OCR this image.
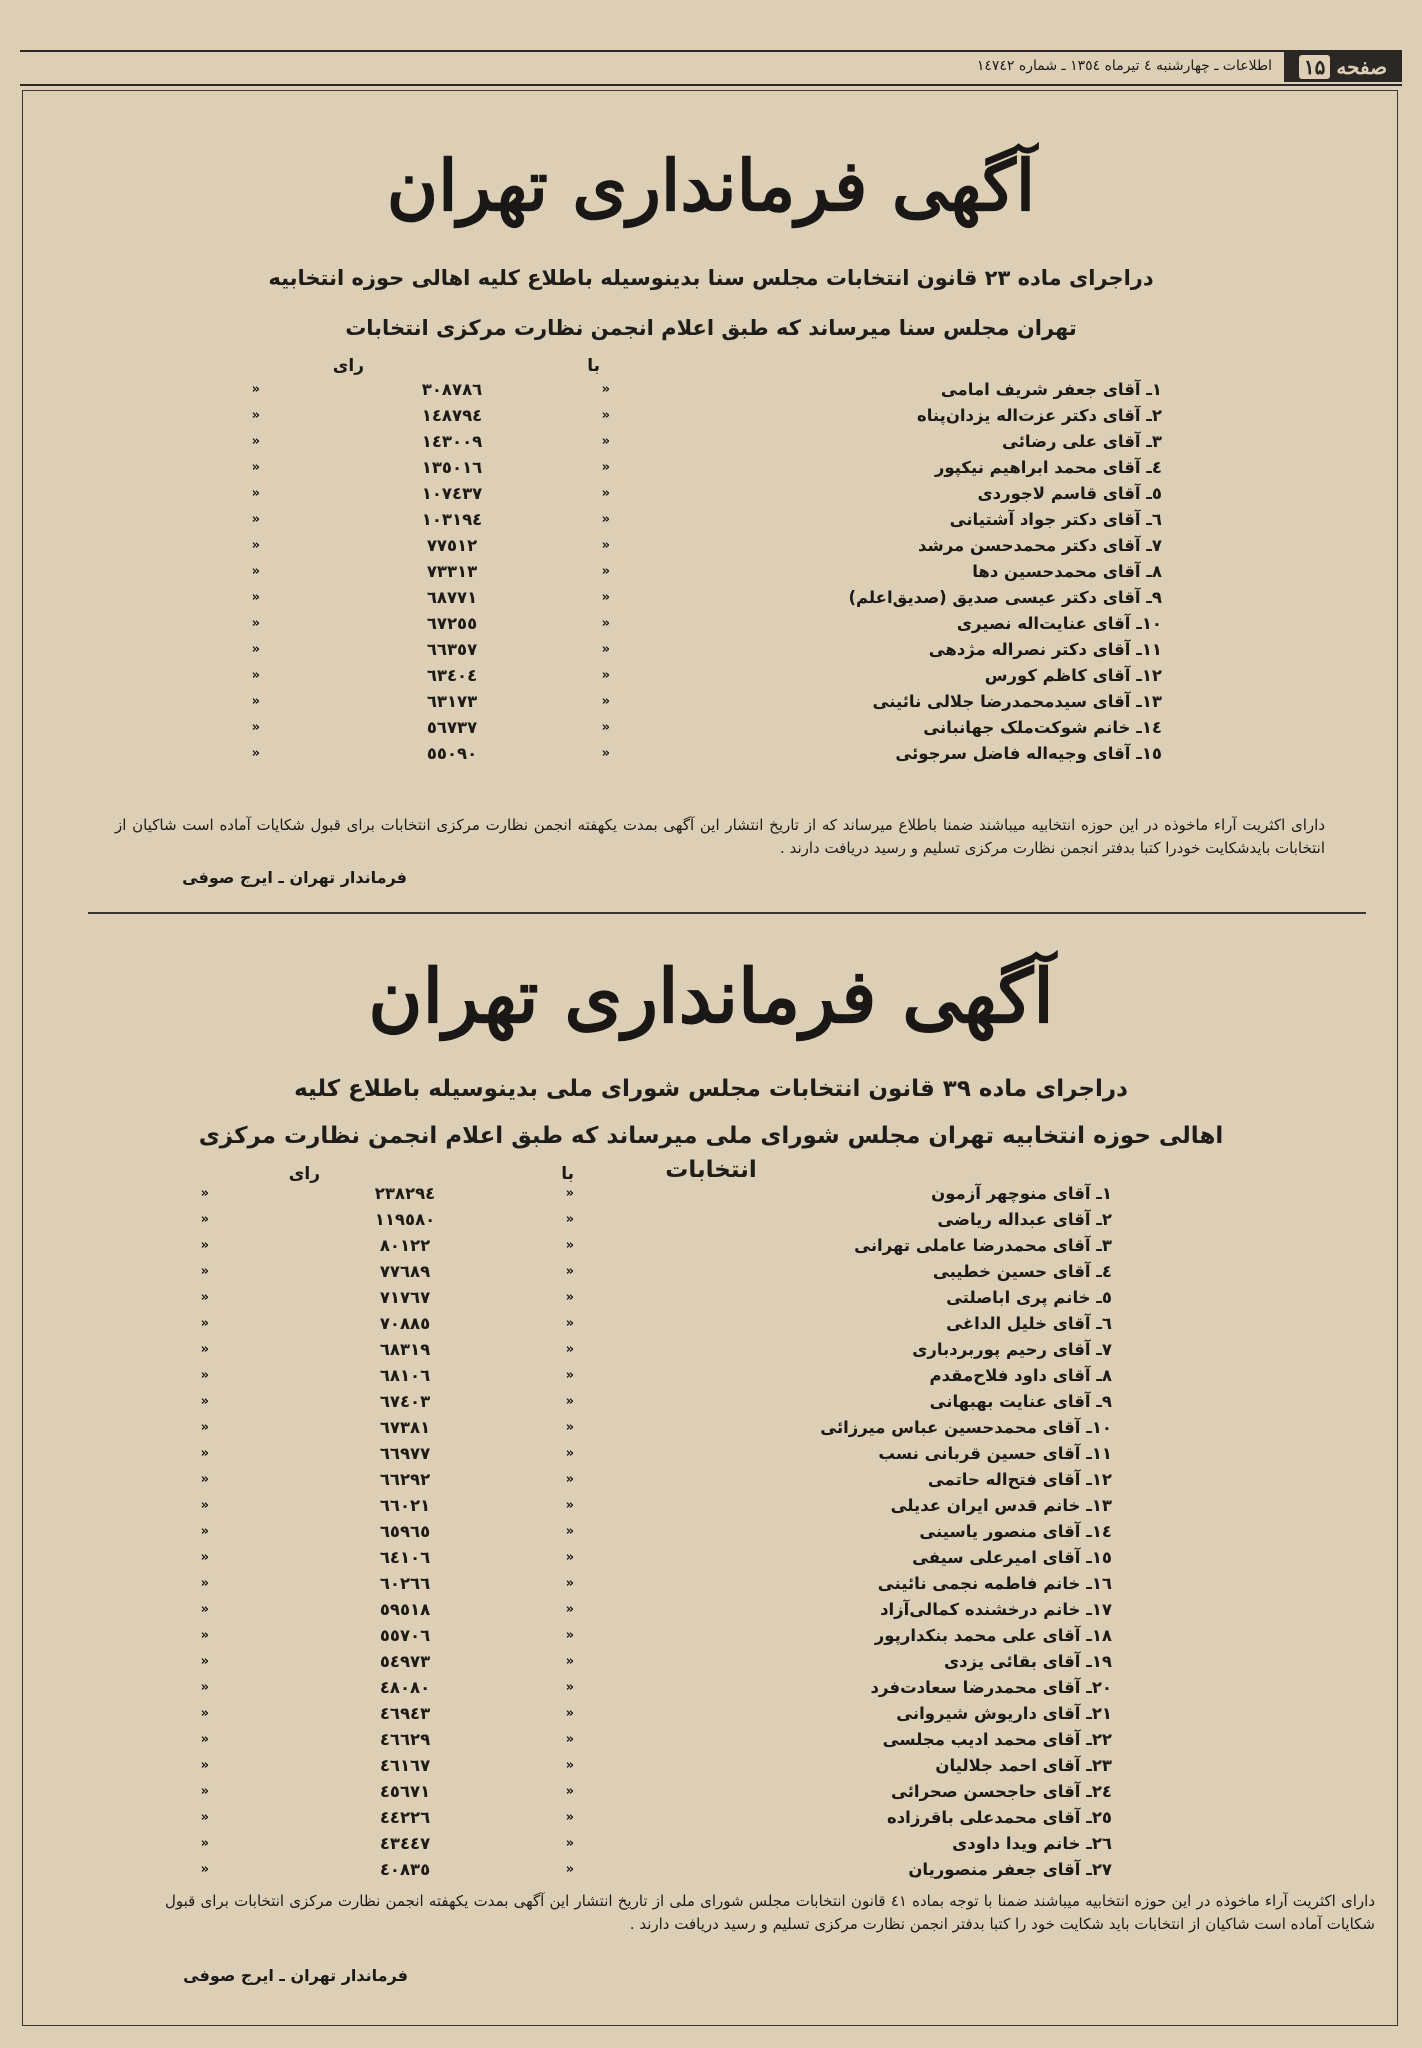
صفحه
۱۵
اطلاعات ـ چهارشنبه ٤ تیرماه ۱۳٥٤ ـ شماره ۱٤۷٤۲
آگهی فرمانداری تهران
دراجرای ماده ۲۳ قانون انتخابات مجلس سنا بدینوسیله باطلاع کلیه اهالی حوزه انتخابیه
تهران مجلس سنا میرساند که طبق اعلام انجمن نظارت مرکزی انتخابات
با
رای
۱ـ آقای جعفر شریف امامی
«
۳۰۸۷۸٦
«
۲ـ آقای دکتر عزت‌اله یزدان‌پناه
«
۱٤۸۷۹٤
«
۳ـ آقای علی رضائی
«
۱٤۳۰۰۹
«
٤ـ آقای محمد ابراهیم نیکپور
«
۱۳٥۰۱٦
«
٥ـ آقای قاسم لاجوردی
«
۱۰۷٤۳۷
«
٦ـ آقای دکتر جواد آشتیانی
«
۱۰۳۱۹٤
«
۷ـ آقای دکتر محمدحسن مرشد
«
۷۷٥۱۲
«
۸ـ آقای محمدحسین دها
«
۷۳۳۱۳
«
۹ـ آقای دکتر عیسی صدیق (صدیق‌اعلم)
«
٦۸۷۷۱
«
۱۰ـ آقای عنایت‌اله نصیری
«
٦۷۲٥٥
«
۱۱ـ آقای دکتر نصراله مژدهی
«
٦٦۳٥۷
«
۱۲ـ آقای کاظم کورس
«
٦۳٤۰٤
«
۱۳ـ آقای سیدمحمدرضا جلالی نائینی
«
٦۳۱۷۳
«
۱٤ـ خانم شوکت‌ملک جهانبانی
«
٥٦۷۳۷
«
۱٥ـ آقای وجیه‌اله فاضل سرجوئی
«
٥٥۰۹۰
«
دارای اکثریت آراء ماخوذه در این حوزه انتخابیه میباشند ضمنا باطلاع میرساند که از تاریخ انتشار این آگهی بمدت یکهفته انجمن نظارت مرکزی انتخابات برای قبول شکایات آماده است شاکیان از انتخابات بایدشکایت خودرا کتبا بدفتر انجمن نظارت مرکزی تسلیم و رسید دریافت دارند .
فرماندار تهران ـ ایرج صوفی
آگهی فرمانداری تهران
دراجرای ماده ۳۹ قانون انتخابات مجلس شورای ملی بدینوسیله باطلاع کلیه
اهالی حوزه انتخابیه تهران مجلس شورای ملی میرساند که طبق اعلام انجمن نظارت مرکزی انتخابات
با
رای
۱ـ آقای منوچهر آزمون
«
۲۳۸۲۹٤
«
۲ـ آقای عبداله ریاضی
«
۱۱۹٥۸۰
«
۳ـ آقای محمدرضا عاملی تهرانی
«
۸۰۱۲۲
«
٤ـ آقای حسین خطیبی
«
۷۷٦۸۹
«
٥ـ خانم پری اباصلتی
«
۷۱۷٦۷
«
٦ـ آقای خلیل الداغی
«
۷۰۸۸٥
«
۷ـ آقای رحیم پوربردباری
«
٦۸۳۱۹
«
۸ـ آقای داود فلاح‌مقدم
«
٦۸۱۰٦
«
۹ـ آقای عنایت بهبهانی
«
٦۷٤۰۳
«
۱۰ـ آقای محمدحسین عباس میرزائی
«
٦۷۳۸۱
«
۱۱ـ آقای حسین قربانی نسب
«
٦٦۹۷۷
«
۱۲ـ آقای فتح‌اله حاتمی
«
٦٦۲۹۲
«
۱۳ـ خانم قدس ایران عدیلی
«
٦٦۰۲۱
«
۱٤ـ آقای منصور یاسینی
«
٦٥۹٦٥
«
۱٥ـ آقای امیرعلی سیفی
«
٦٤۱۰٦
«
۱٦ـ خانم فاطمه نجمی نائینی
«
٦۰۲٦٦
«
۱۷ـ خانم درخشنده کمالی‌آزاد
«
٥۹٥۱۸
«
۱۸ـ آقای علی محمد بنکدارپور
«
٥٥۷۰٦
«
۱۹ـ آقای بقائی یزدی
«
٥٤۹۷۳
«
۲۰ـ آقای محمدرضا سعادت‌فرد
«
٤۸۰۸۰
«
۲۱ـ آقای داریوش شیروانی
«
٤٦۹٤۳
«
۲۲ـ آقای محمد ادیب مجلسی
«
٤٦٦۲۹
«
۲۳ـ آقای احمد جلالیان
«
٤٦۱٦۷
«
۲٤ـ آقای حاجحسن صحرائی
«
٤٥٦۷۱
«
۲٥ـ آقای محمدعلی باقرزاده
«
٤٤۲۲٦
«
۲٦ـ خانم ویدا داودی
«
٤۳٤٤۷
«
۲۷ـ آقای جعفر منصوریان
«
٤۰۸۳٥
«
دارای اکثریت آراء ماخوذه در این حوزه انتخابیه میباشند ضمنا با توجه بماده ٤۱ قانون انتخابات مجلس شورای ملی از تاریخ انتشار این آگهی بمدت یکهفته انجمن نظارت مرکزی انتخابات برای قبول شکایات آماده است شاکیان از انتخابات باید شکایت خود را کتبا بدفتر انجمن نظارت مرکزی تسلیم و رسید دریافت دارند .
فرماندار تهران ـ ایرج صوفی
